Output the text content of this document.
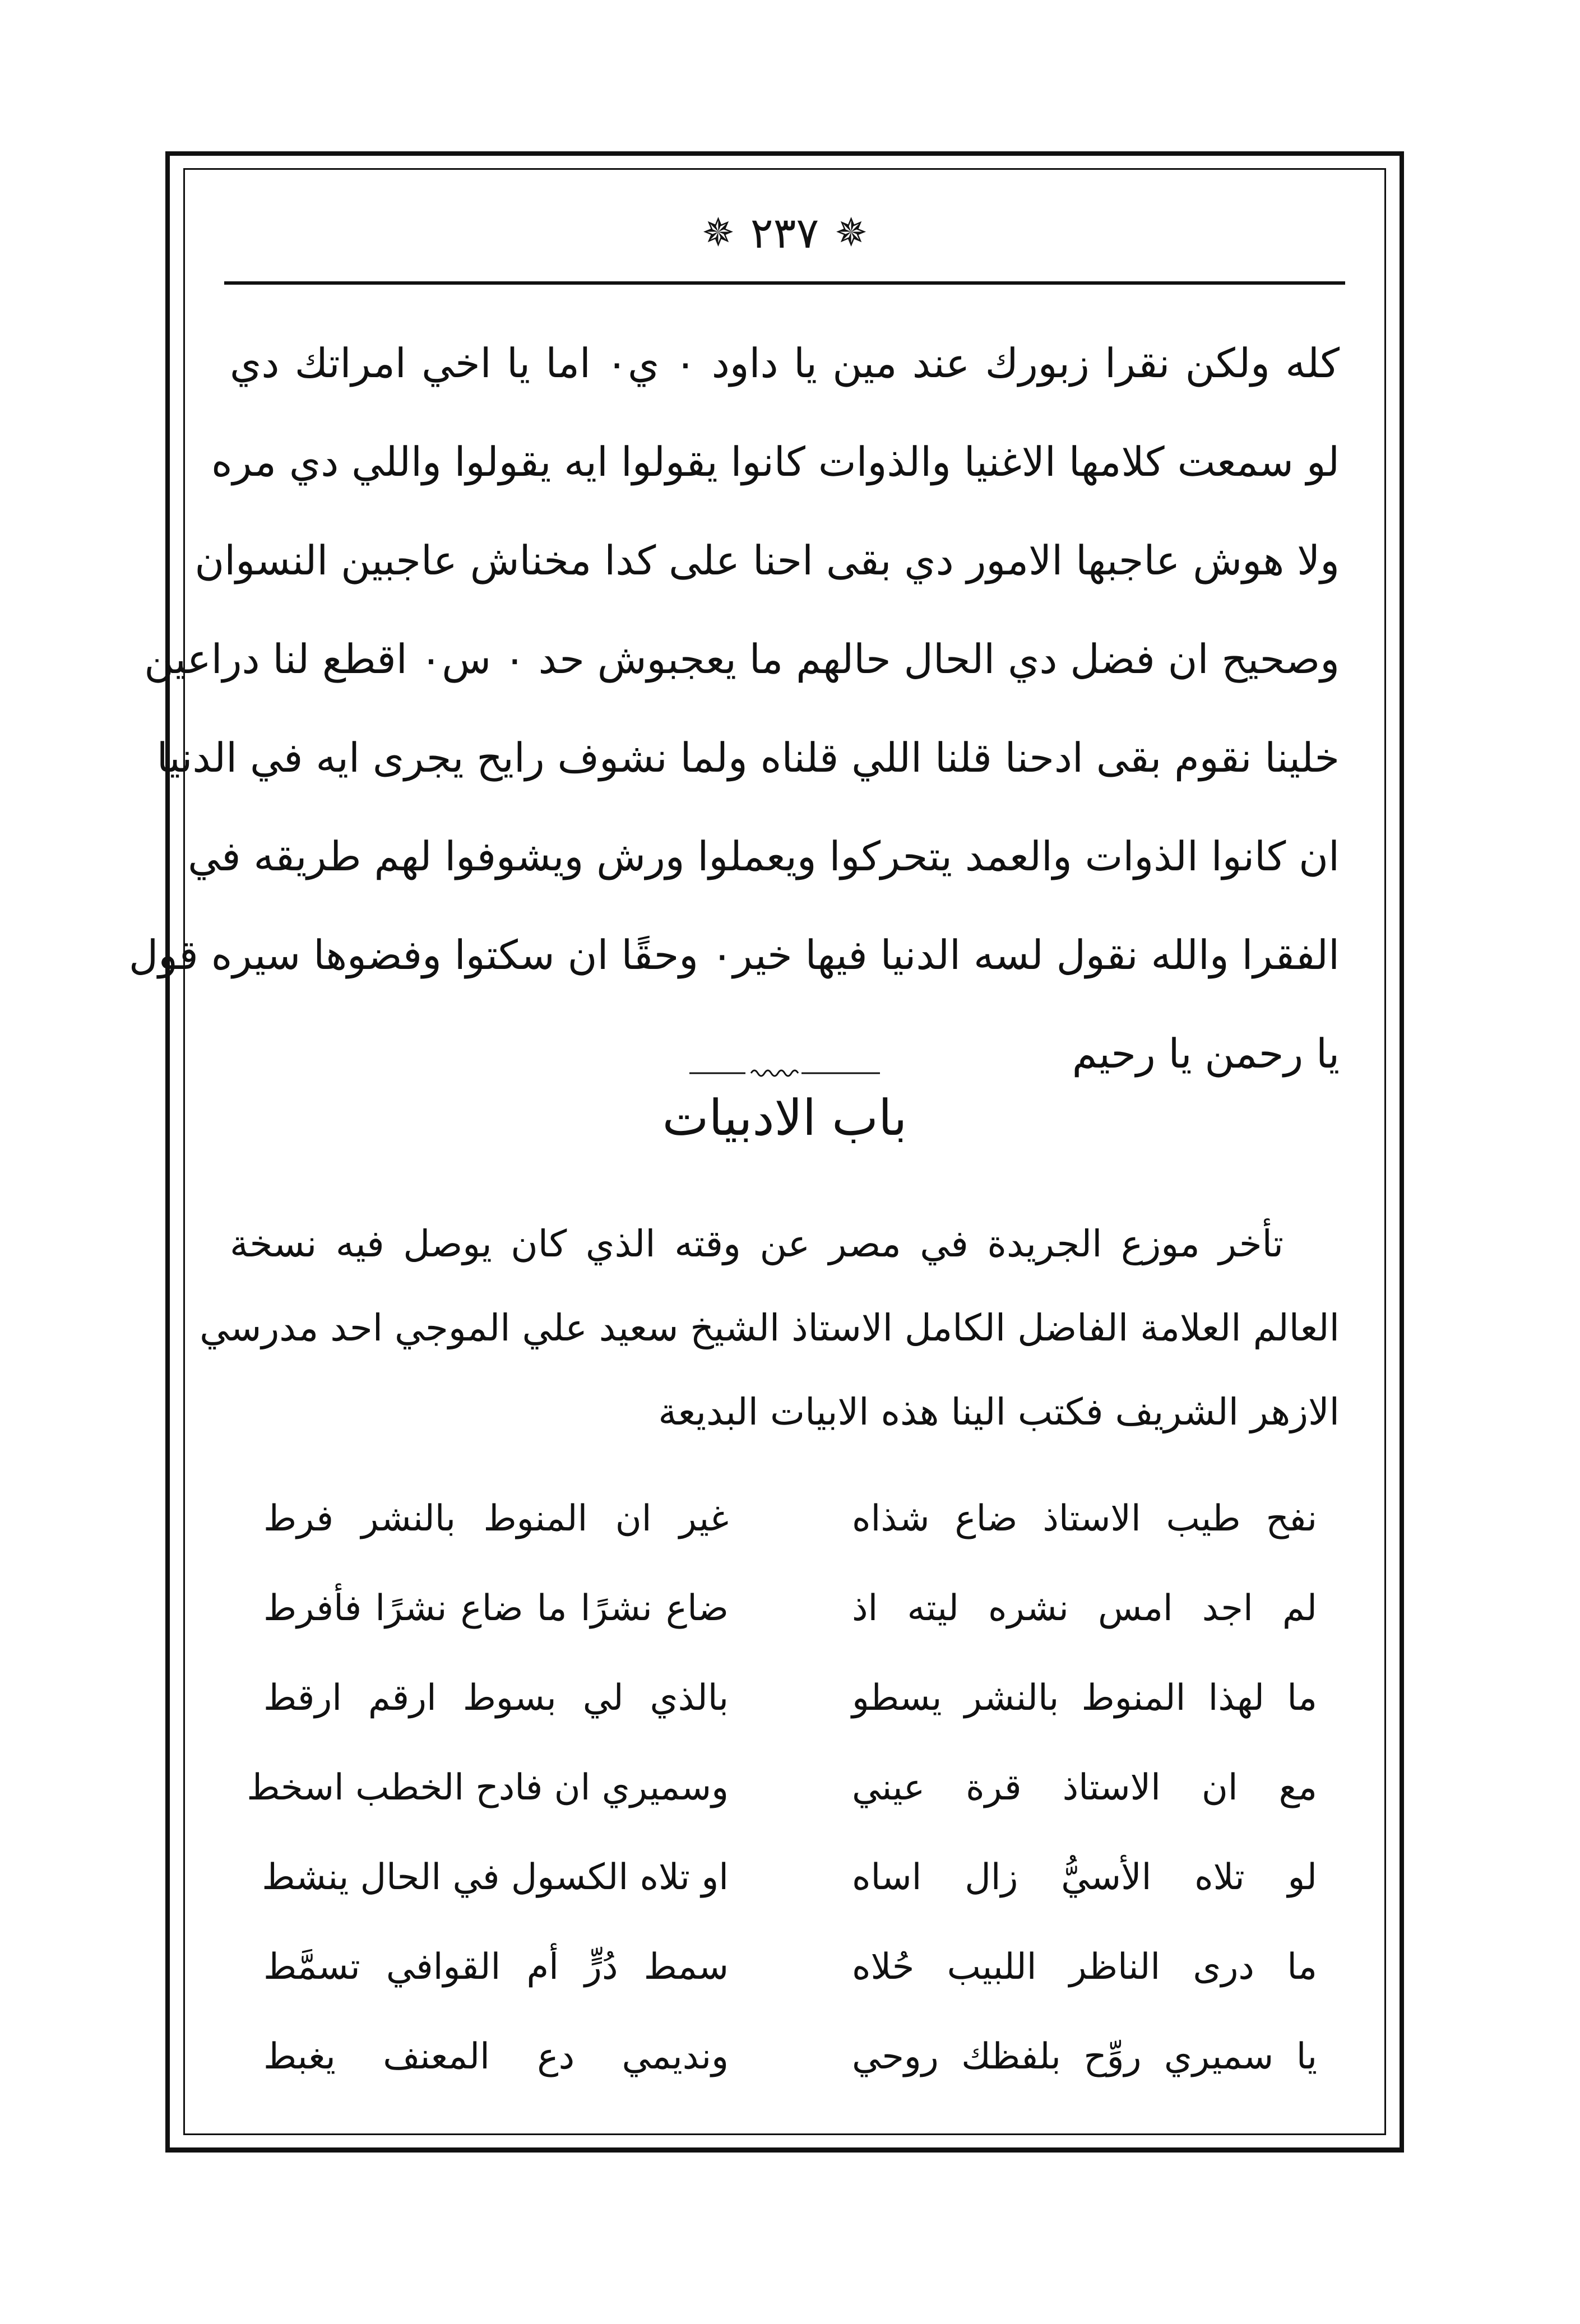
✵ ٢٣٧ ✵
كله ولكن نقرا زبورك عند مين يا داود ٠ ي٠ اما يا اخي امراتك دي
لو سمعت كلامها الاغنيا والذوات كانوا يقولوا ايه يقولوا واللي دي مره
ولا هوش عاجبها الامور دي بقى احنا على كدا مخناش عاجبين النسوان
وصحيح ان فضل دي الحال حالهم ما يعجبوش حد ٠ س٠ اقطع لنا دراعين
خلينا نقوم بقى ادحنا قلنا اللي قلناه ولما نشوف رايح يجرى ايه في الدنيا
ان كانوا الذوات والعمد يتحركوا ويعملوا ورش ويشوفوا لهم طريقه في
الفقرا والله نقول لسه الدنيا فيها خير٠ وحقًا ان سكتوا وفضوها سيره قول
يا رحمن يا رحيم
باب الادبيات
تأخر موزع الجريدة في مصر عن وقته الذي كان يوصل فيه نسخة
العالم العلامة الفاضل الكامل الاستاذ الشيخ سعيد علي الموجي احد مدرسي
الازهر الشريف فكتب الينا هذه الابيات البديعة
نفح طيب الاستاذ ضاع شذاه
غير ان المنوط بالنشر فرط
لم اجد امس نشره ليته اذ
ضاع نشرًا ما ضاع نشرًا فأفرط
ما لهذا المنوط بالنشر يسطو
بالذي لي بسوط ارقم ارقط
مع ان الاستاذ قرة عيني
وسميري ان فادح الخطب اسخط
لو تلاه الأسيُّ زال اساه
او تلاه الكسول في الحال ينشط
ما درى الناظر اللبيب حُلاه
سمط دُرٍّ أم القوافي تسمَّط
يا سميري روِّح بلفظك روحي
ونديمي دع المعنف يغبط
